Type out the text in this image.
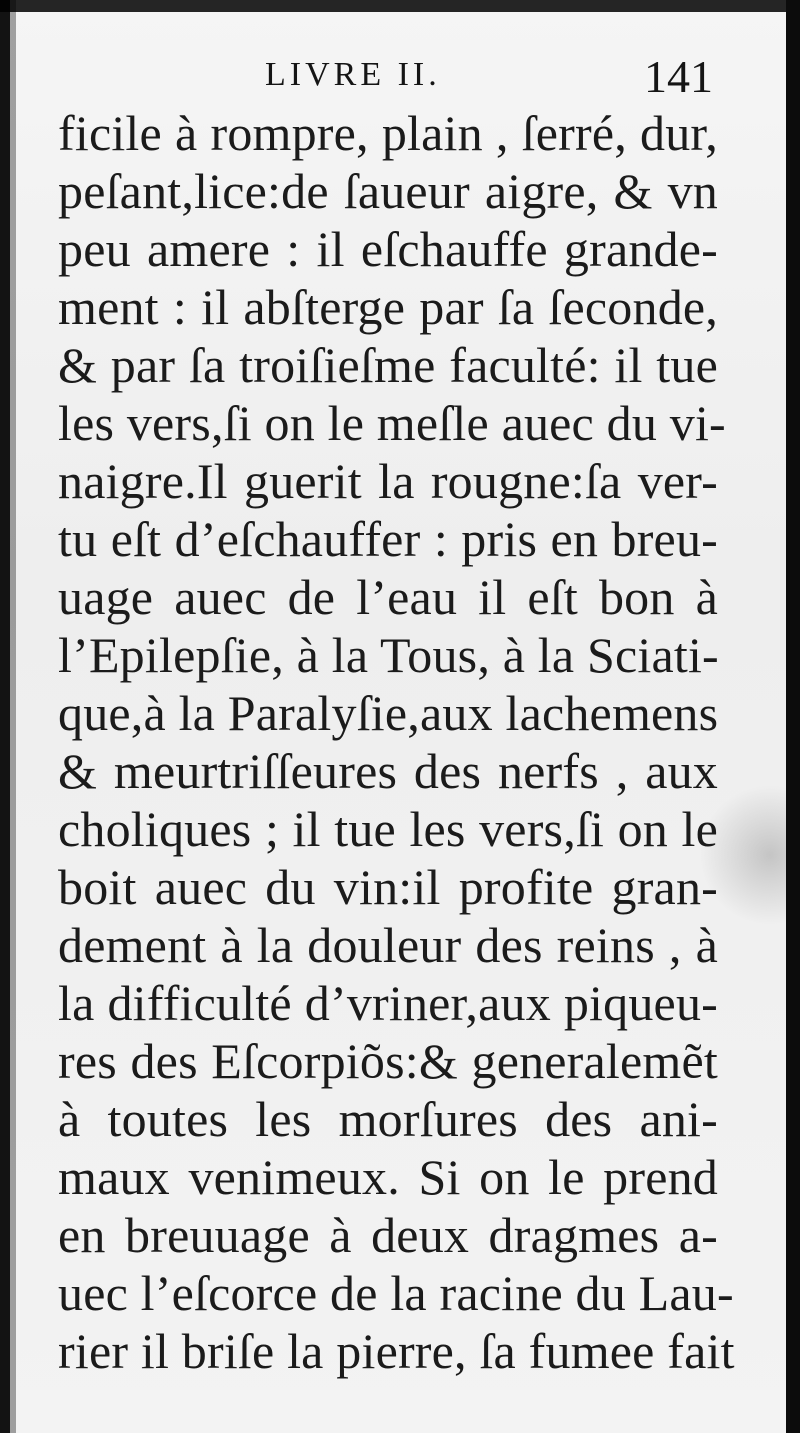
LIVRE II.	141
ficile à rompre, plain , ſerré, dur,
peſant,lice:de ſaueur aigre, & vn
peu amere : il eſchauffe grande-
ment : il abſterge par ſa ſeconde,
& par ſa troiſieſme faculté: il tue
les vers,ſi on le meſle auec du vi-
naigre.Il guerit la rougne:ſa ver-
tu eſt d’eſchauffer : pris en breu-
uage auec de l’eau il eſt bon à
l’Epilepſie, à la Tous, à la Sciati-
que,à la Paralyſie,aux lachemens
& meurtriſſeures des nerfs , aux
choliques ; il tue les vers,ſi on le
boit auec du vin:il profite gran-
dement à la douleur des reins , à
la difficulté d’vriner,aux piqueu-
res des Eſcorpiõs:& generalemẽt
à toutes les morſures des ani-
maux venimeux. Si on le prend
en breuuage à deux dragmes a-
uec l’eſcorce de la racine du Lau-
rier il briſe la pierre, ſa fumee fait
